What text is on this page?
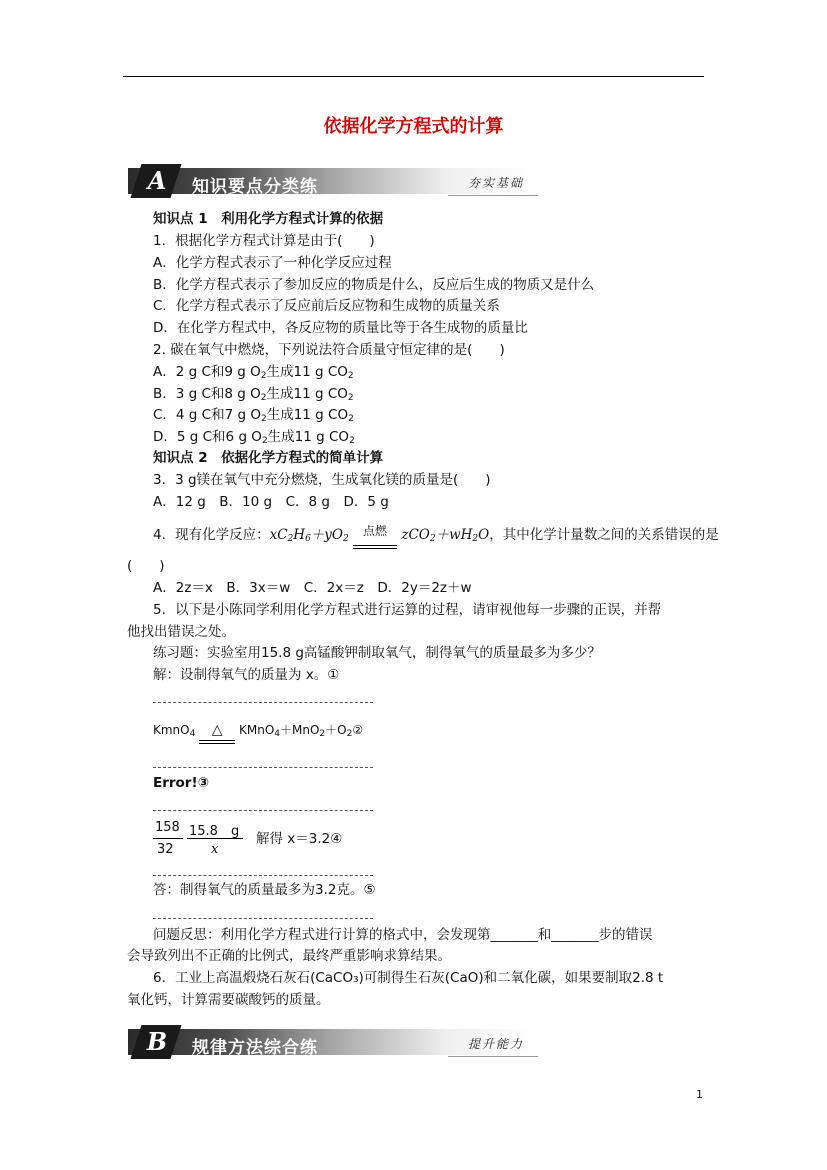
依据化学方程式的计算
A	知识要点分类练	夯实基础
知识点 1　利用化学方程式计算的依据
1．根据化学方程式计算是由于(　　)
A．化学方程式表示了一种化学反应过程
B．化学方程式表示了参加反应的物质是什么，反应后生成的物质又是什么
C．化学方程式表示了反应前后反应物和生成物的质量关系
D．在化学方程式中，各反应物的质量比等于各生成物的质量比
2. 碳在氧气中燃烧，下列说法符合质量守恒定律的是(　　)
A．2 g C和9 g $O_2$生成11 g $CO_2$
B．3 g C和8 g $O_2$生成11 g $CO_2$
C．4 g C和7 g $O_2$生成11 g $CO_2$
D．5 g C和6 g $O_2$生成11 g $CO_2$
知识点 2　依据化学方程式的简单计算
3．3 g镁在氧气中充分燃烧，生成氧化镁的质量是(　　)
A．12 g　B．10 g　C．8 g　D．5 g
4．现有化学反应：$xC_2H_6+yO_2$
点燃	$zCO_2+wH_2O$，其中化学计量数之间的关系错误的是
(　　)
A．2z＝x　B．3x＝w　C．2x＝z　D．2y＝2z＋w
5．以下是小陈同学利用化学方程式进行运算的过程，请审视他每一步骤的正误，并帮
他找出错误之处。
练习题：实验室用15.8 g高锰酸钾制取氧气，制得氧气的质量最多为多少？
解：设制得氧气的质量为 x。①
KmnO$_4$	△	$KMnO_4+MnO_2+O_2②$
Error!③
158
32
15.8　g
x
解得 x＝3.2④
答：制得氧气的质量最多为3.2克。⑤
问题反思：利用化学方程式进行计算的格式中，会发现第_______和_______步的错误
会导致列出不正确的比例式，最终严重影响求算结果。
6．工业上高温煅烧石灰石(CaCO₃)可制得生石灰(CaO)和二氧化碳，如果要制取2.8 t
氧化钙，计算需要碳酸钙的质量。
B 规律方法综合练	提升能力
1
